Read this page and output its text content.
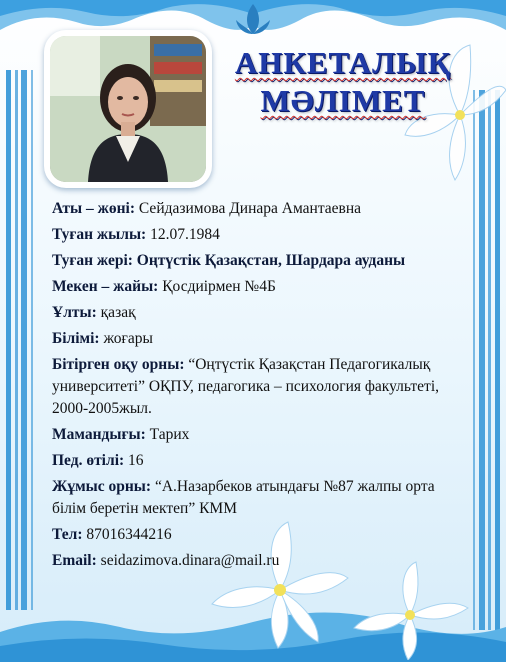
АНКЕТАЛЫҚ
МӘЛІМЕТ
Аты – жөні: Сейдазимова Динара Амантаевна
Туған жылы: 12.07.1984
Туған жері: Оңтүстік Қазақстан, Шардара ауданы
Мекен – жайы: Қосдиірмен №4Б
Ұлты: қазақ
Білімі: жоғары
Бітірген оқу орны: “Оңтүстік Қазақстан Педагогикалық университеті” ОҚПУ, педагогика – психология факультеті, 2000-2005жыл.
Мамандығы: Тарих
Пед. өтілі: 16
Жұмыс орны: “А.Назарбеков атындағы №87 жалпы орта білім беретін мектеп” КММ
Тел: 87016344216
Email: seidazimova.dinara@mail.ru
